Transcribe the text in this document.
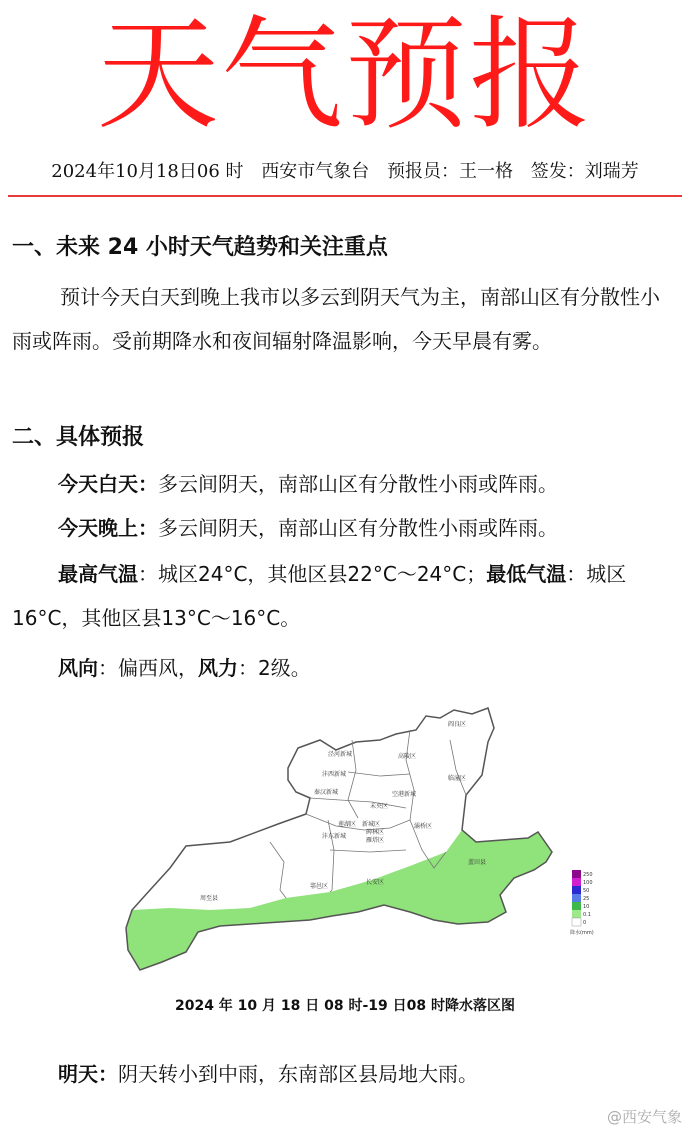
天气预报
2024年10月18日06 时 西安市气象台 预报员：王一格 签发：刘瑞芳
一、未来 24 小时天气趋势和关注重点
预计今天白天到晚上我市以多云到阴天气为主，南部山区有分散性小雨或阵雨。受前期降水和夜间辐射降温影响，今天早晨有雾。
二、具体预报
今天白天：多云间阴天，南部山区有分散性小雨或阵雨。
今天晚上：多云间阴天，南部山区有分散性小雨或阵雨。
最高气温：城区24°C，其他区县22°C～24°C；最低气温：城区16°C，其他区县13°C～16°C。
风向：偏西风，风力：2级。
阎良区
高陵区
临潼区
泾河新城
沣西新城
秦汉新城
未央区
空港新城
灞桥区
莲湖区 新城区
碑林区
雁塔区
沣东新城
周至县
鄠邑区
长安区
蓝田县
250
100
50
25
10
0.1
0
降水(mm)
2024 年 10 月 18 日 08 时-19 日08 时降水落区图
明天：阴天转小到中雨，东南部区县局地大雨。
@西安气象
